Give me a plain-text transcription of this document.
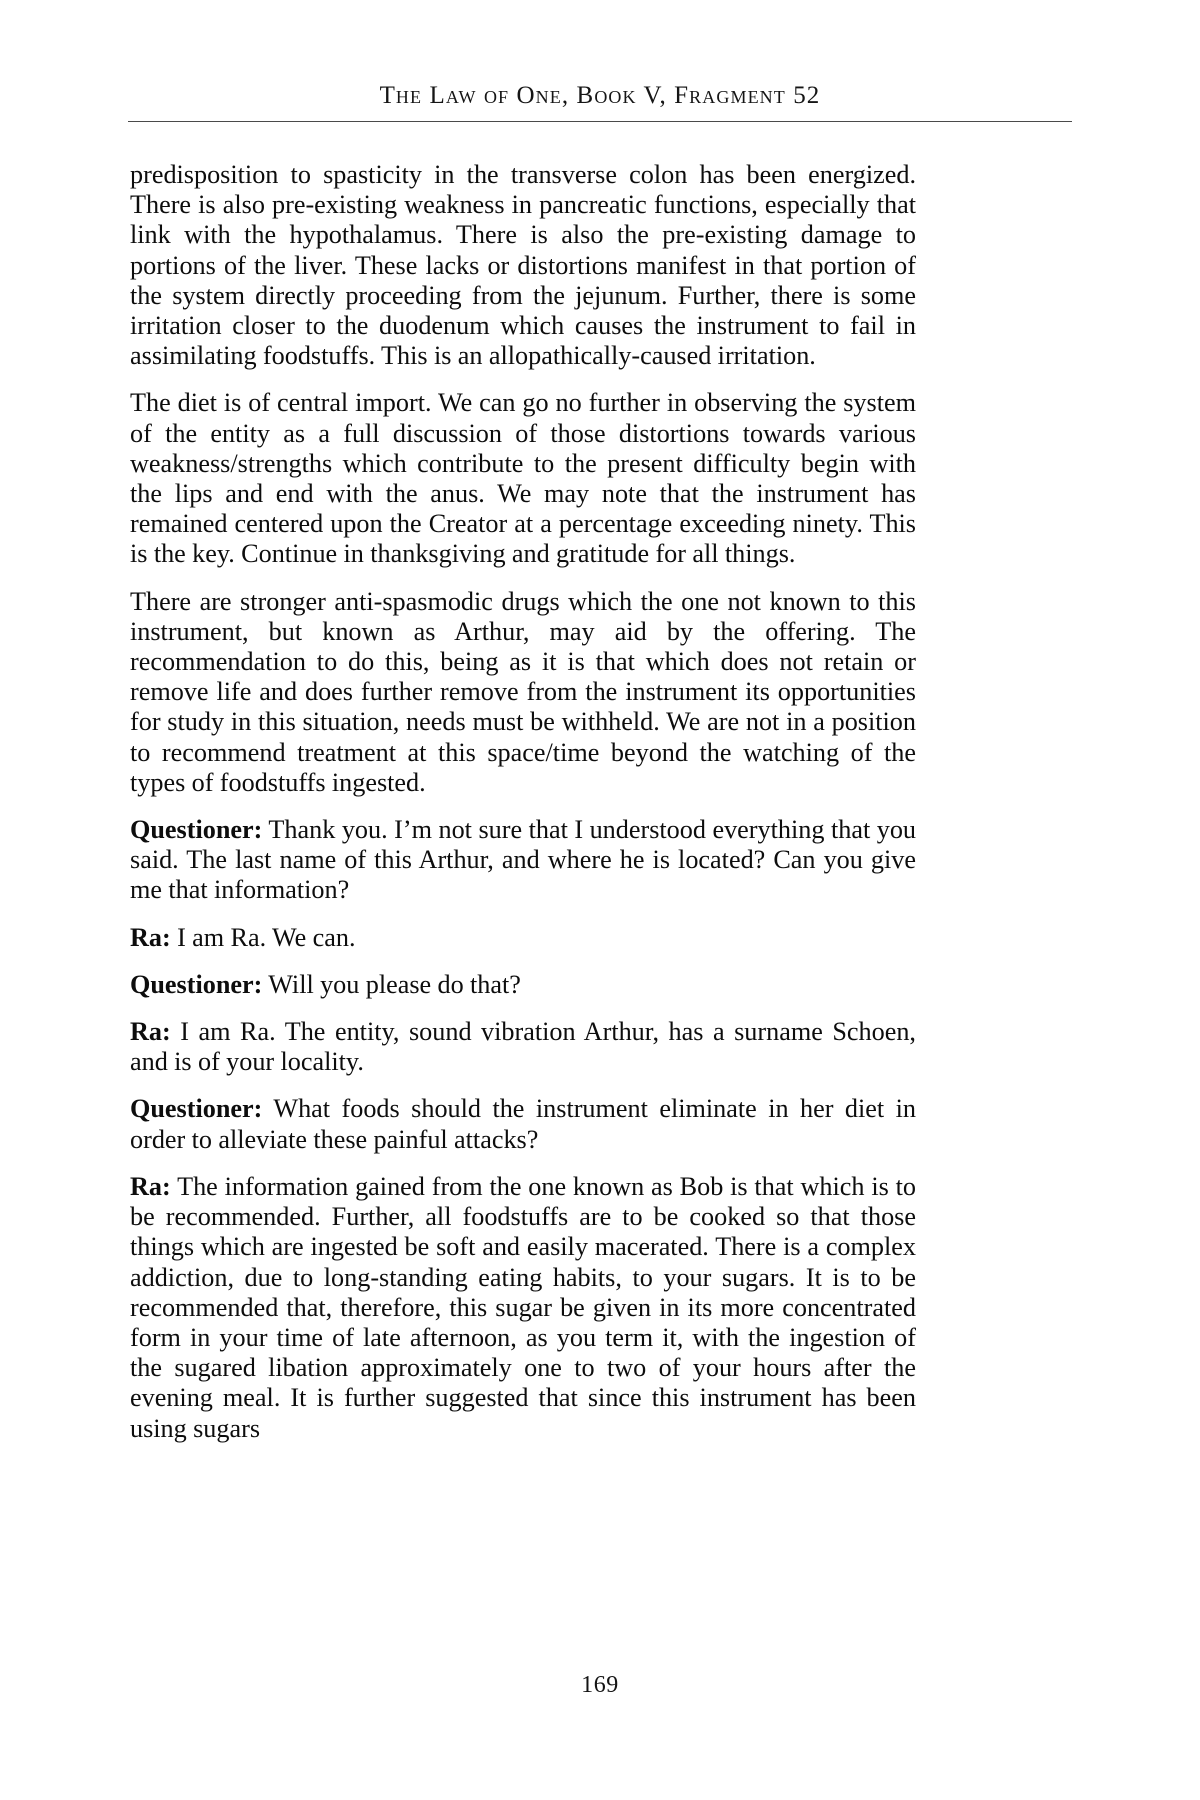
The Law of One, Book V, Fragment 52

predisposition to spasticity in the transverse colon has been energized. There is also pre-existing weakness in pancreatic functions, especially that link with the hypothalamus. There is also the pre-existing damage to portions of the liver. These lacks or distortions manifest in that portion of the system directly proceeding from the jejunum. Further, there is some irritation closer to the duodenum which causes the instrument to fail in assimilating foodstuffs. This is an allopathically-caused irritation.

The diet is of central import. We can go no further in observing the system of the entity as a full discussion of those distortions towards various weakness/strengths which contribute to the present difficulty begin with the lips and end with the anus. We may note that the instrument has remained centered upon the Creator at a percentage exceeding ninety. This is the key. Continue in thanksgiving and gratitude for all things.

There are stronger anti-spasmodic drugs which the one not known to this instrument, but known as Arthur, may aid by the offering. The recommendation to do this, being as it is that which does not retain or remove life and does further remove from the instrument its opportunities for study in this situation, needs must be withheld. We are not in a position to recommend treatment at this space/time beyond the watching of the types of foodstuffs ingested.

Questioner: Thank you. I’m not sure that I understood everything that you said. The last name of this Arthur, and where he is located? Can you give me that information?

Ra: I am Ra. We can.

Questioner: Will you please do that?

Ra: I am Ra. The entity, sound vibration Arthur, has a surname Schoen, and is of your locality.

Questioner: What foods should the instrument eliminate in her diet in order to alleviate these painful attacks?

Ra: The information gained from the one known as Bob is that which is to be recommended. Further, all foodstuffs are to be cooked so that those things which are ingested be soft and easily macerated. There is a complex addiction, due to long-standing eating habits, to your sugars. It is to be recommended that, therefore, this sugar be given in its more concentrated form in your time of late afternoon, as you term it, with the ingestion of the sugared libation approximately one to two of your hours after the evening meal. It is further suggested that since this instrument has been using sugars

169
